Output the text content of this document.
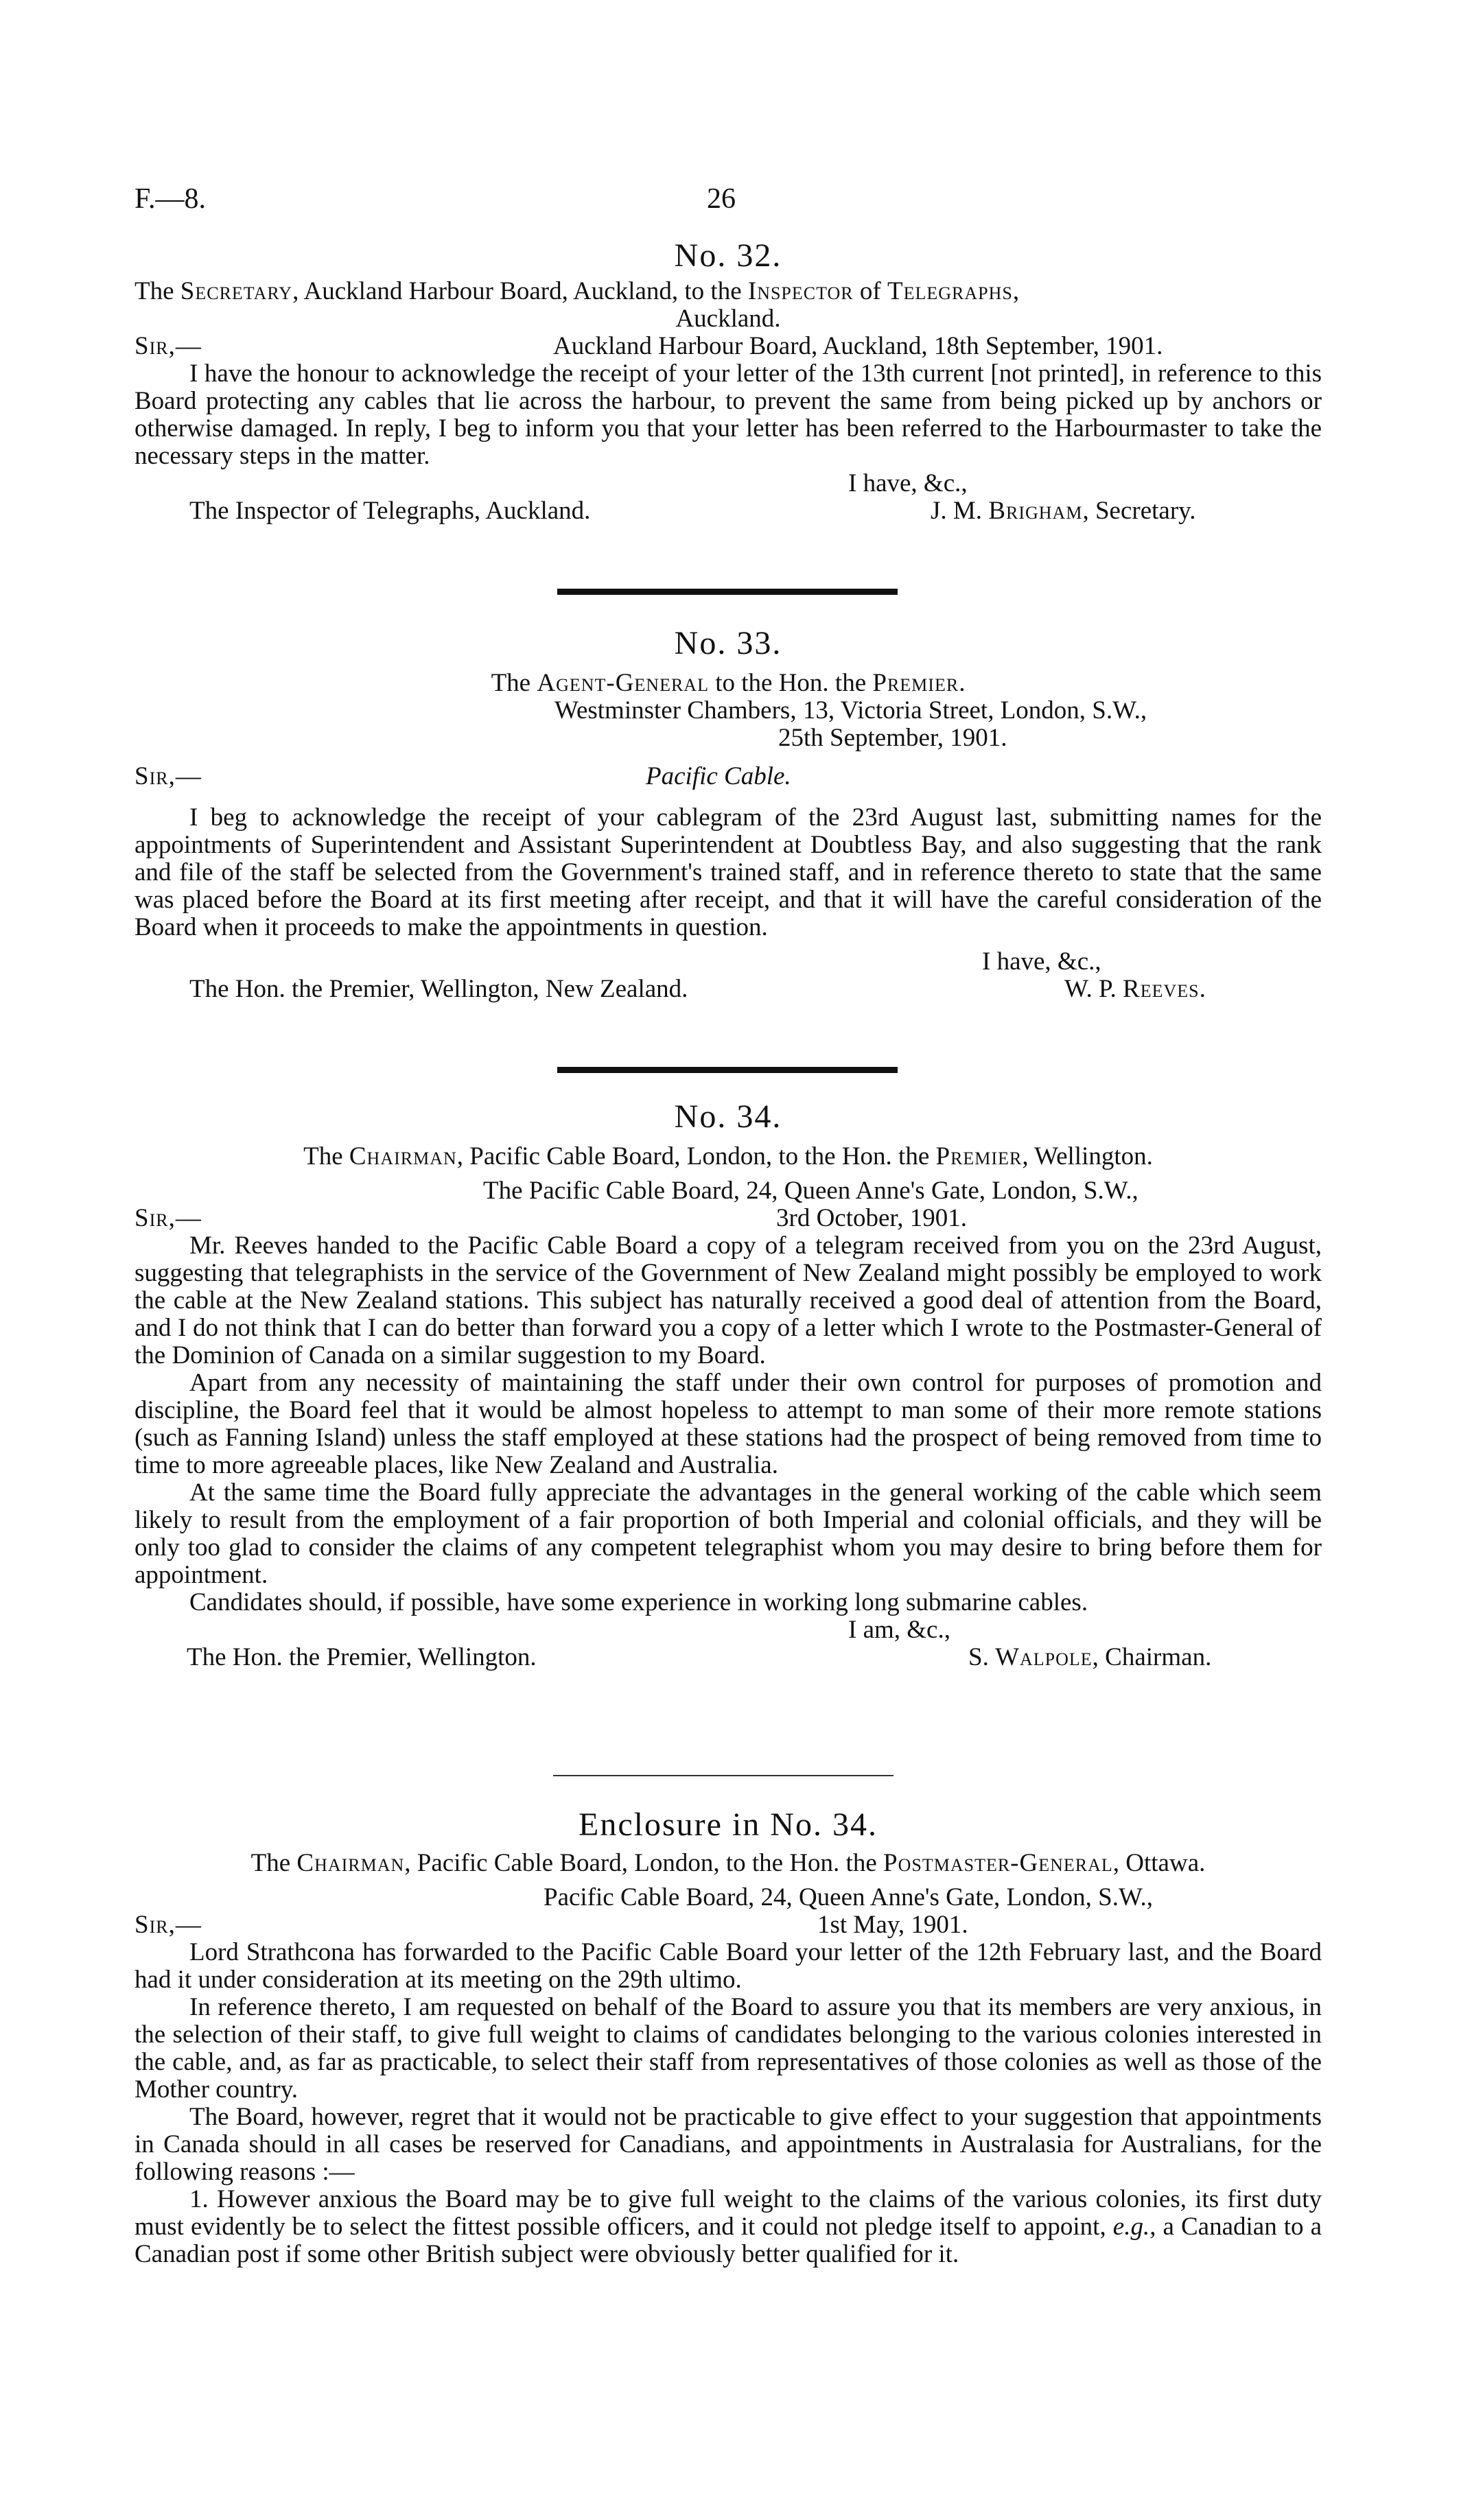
F.—8.	26
No. 32.
The Secretary, Auckland Harbour Board, Auckland, to the Inspector of Telegraphs,
Auckland.
Sir,—	Auckland Harbour Board, Auckland, 18th September, 1901.

I have the honour to acknowledge the receipt of your letter of the 13th current [not printed], in reference to this Board protecting any cables that lie across the harbour, to prevent the same from being picked up by anchors or otherwise damaged. In reply, I beg to inform you that your letter has been referred to the Harbourmaster to take the necessary steps in the matter.

I have, &c.,
The Inspector of Telegraphs, Auckland.	J. M. Brigham, Secretary.
No. 33.
The Agent-General to the Hon. the Premier.
Westminster Chambers, 13, Victoria Street, London, S.W.,
25th September, 1901.
Sir,—	Pacific Cable.

I beg to acknowledge the receipt of your cablegram of the 23rd August last, submitting names for the appointments of Superintendent and Assistant Superintendent at Doubtless Bay, and also suggesting that the rank and file of the staff be selected from the Government's trained staff, and in reference thereto to state that the same was placed before the Board at its first meeting after receipt, and that it will have the careful consideration of the Board when it proceeds to make the appointments in question.

I have, &c.,
The Hon. the Premier, Wellington, New Zealand.	W. P. Reeves.
No. 34.
The Chairman, Pacific Cable Board, London, to the Hon. the Premier, Wellington.
The Pacific Cable Board, 24, Queen Anne's Gate, London, S.W.,
Sir,—	3rd October, 1901.

Mr. Reeves handed to the Pacific Cable Board a copy of a telegram received from you on the 23rd August, suggesting that telegraphists in the service of the Government of New Zealand might possibly be employed to work the cable at the New Zealand stations. This subject has naturally received a good deal of attention from the Board, and I do not think that I can do better than forward you a copy of a letter which I wrote to the Postmaster-General of the Dominion of Canada on a similar suggestion to my Board.

Apart from any necessity of maintaining the staff under their own control for purposes of promotion and discipline, the Board feel that it would be almost hopeless to attempt to man some of their more remote stations (such as Fanning Island) unless the staff employed at these stations had the prospect of being removed from time to time to more agreeable places, like New Zealand and Australia.

At the same time the Board fully appreciate the advantages in the general working of the cable which seem likely to result from the employment of a fair proportion of both Imperial and colonial officials, and they will be only too glad to consider the claims of any competent telegraphist whom you may desire to bring before them for appointment.

Candidates should, if possible, have some experience in working long submarine cables.

I am, &c.,
The Hon. the Premier, Wellington.	S. Walpole, Chairman.
Enclosure in No. 34.
The Chairman, Pacific Cable Board, London, to the Hon. the Postmaster-General, Ottawa.
Pacific Cable Board, 24, Queen Anne's Gate, London, S.W.,
Sir,—	1st May, 1901.

Lord Strathcona has forwarded to the Pacific Cable Board your letter of the 12th February last, and the Board had it under consideration at its meeting on the 29th ultimo.

In reference thereto, I am requested on behalf of the Board to assure you that its members are very anxious, in the selection of their staff, to give full weight to claims of candidates belonging to the various colonies interested in the cable, and, as far as practicable, to select their staff from representatives of those colonies as well as those of the Mother country.

The Board, however, regret that it would not be practicable to give effect to your suggestion that appointments in Canada should in all cases be reserved for Canadians, and appointments in Australasia for Australians, for the following reasons :—

1. However anxious the Board may be to give full weight to the claims of the various colonies, its first duty must evidently be to select the fittest possible officers, and it could not pledge itself to appoint, e.g., a Canadian to a Canadian post if some other British subject were obviously better qualified for it.
